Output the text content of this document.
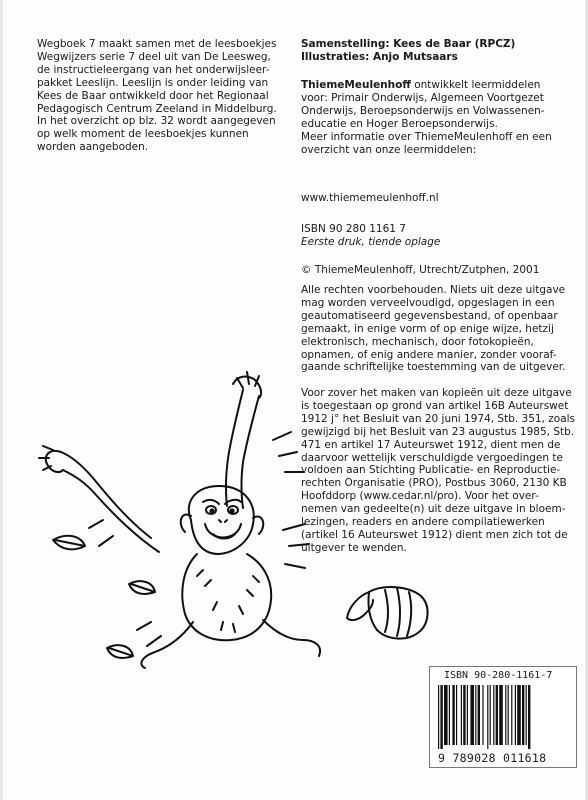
Wegboek 7 maakt samen met de leesboekjes
Wegwijzers serie 7 deel uit van De Leesweg,
de instructieleergang van het onderwijsleer-
pakket Leeslijn. Leeslijn is onder leiding van
Kees de Baar ontwikkeld door het Regionaal
Pedagogisch Centrum Zeeland in Middelburg.
In het overzicht op blz. 32 wordt aangegeven
op welk moment de leesboekjes kunnen
worden aangeboden.
Samenstelling: Kees de Baar (RPCZ)
Illustraties: Anjo Mutsaars
ThiemeMeulenhoff ontwikkelt leermiddelen
voor: Primair Onderwijs, Algemeen Voortgezet
Onderwijs, Beroepsonderwijs en Volwassenen-
educatie en Hoger Beroepsonderwijs.
Meer informatie over ThiemeMeulenhoff en een
overzicht van onze leermiddelen:
www.thiememeulenhoff.nl
ISBN 90 280 1161 7
Eerste druk, tiende oplage
© ThiemeMeulenhoff, Utrecht/Zutphen, 2001
Alle rechten voorbehouden. Niets uit deze uitgave
mag worden verveelvoudigd, opgeslagen in een
geautomatiseerd gegevensbestand, of openbaar
gemaakt, in enige vorm of op enige wijze, hetzij
elektronisch, mechanisch, door fotokopieën,
opnamen, of enig andere manier, zonder vooraf-
gaande schriftelijke toestemming van de uitgever.
Voor zover het maken van kopieën uit deze uitgave
is toegestaan op grond van artikel 16B Auteurswet
1912 j° het Besluit van 20 juni 1974, Stb. 351, zoals
gewijzigd bij het Besluit van 23 augustus 1985, Stb.
471 en artikel 17 Auteurswet 1912, dient men de
daarvoor wettelijk verschuldigde vergoedingen te
voldoen aan Stichting Publicatie- en Reproductie-
rechten Organisatie (PRO), Postbus 3060, 2130 KB
Hoofddorp (www.cedar.nl/pro). Voor het over-
nemen van gedeelte(n) uit deze uitgave in bloem-
lezingen, readers en andere compilatiewerken
(artikel 16 Auteurswet 1912) dient men zich tot de
uitgever te wenden.
ISBN 90-280-1161-7
9 789028 011618
